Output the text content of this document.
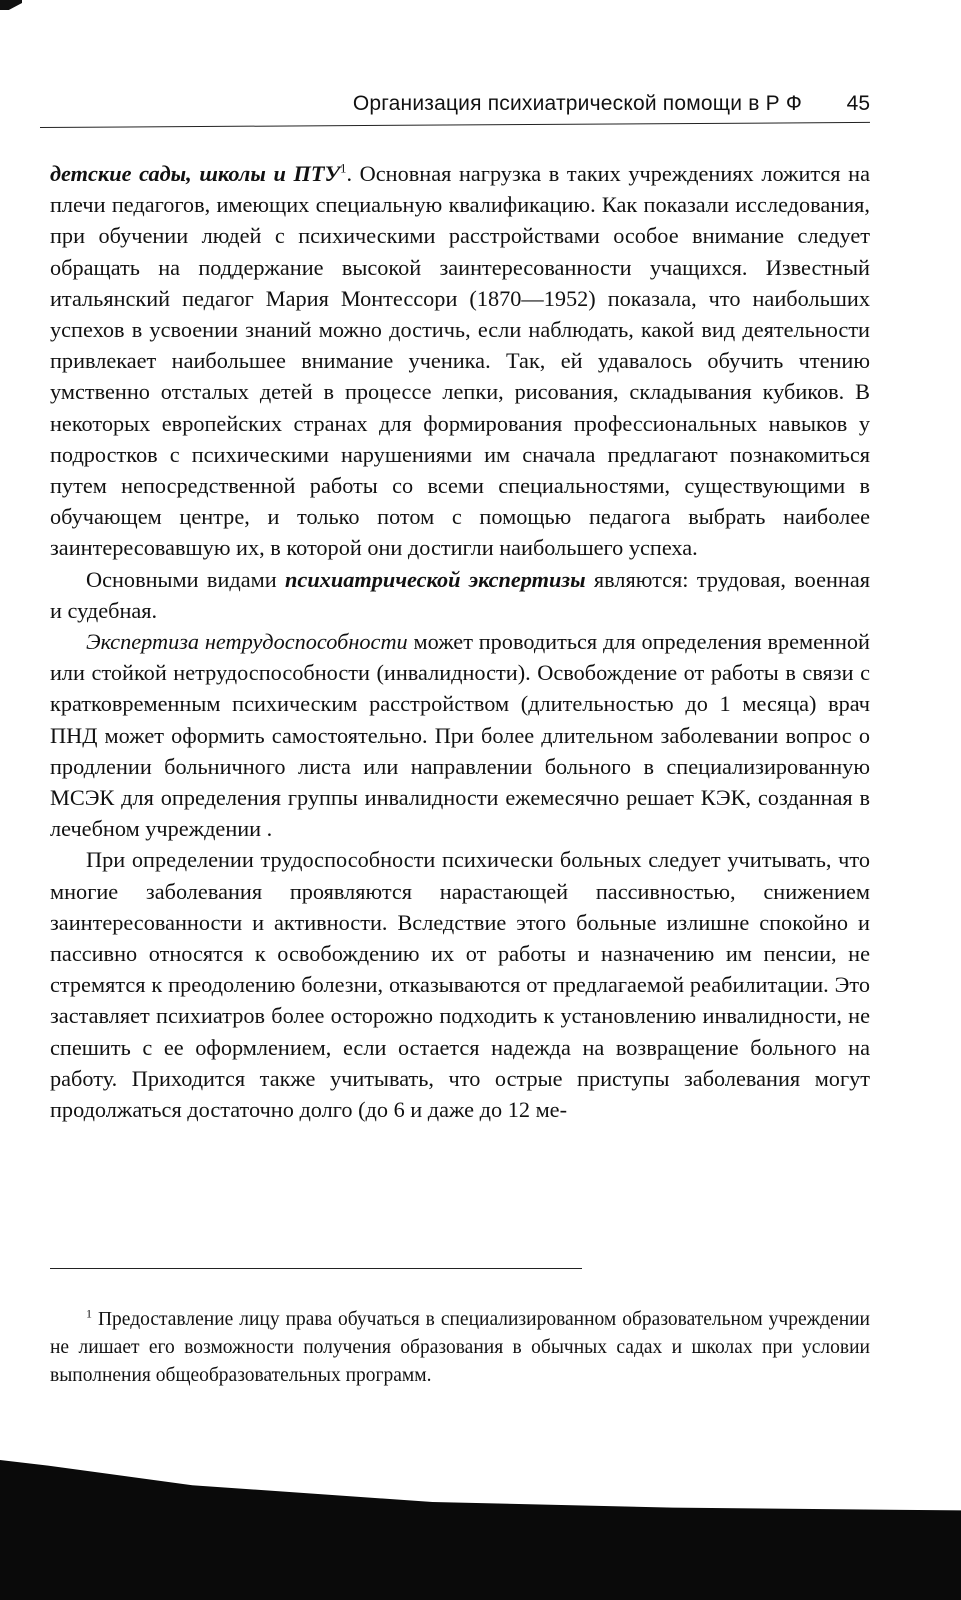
Организация психиатрической помощи в Р Ф 45

детские сады, школы и ПТУ$^1$. Основная нагрузка в таких учреждениях ложится на плечи педагогов, имеющих специальную квалификацию. Как показали исследования, при обучении людей с психическими расстройствами особое внимание следует обращать на поддержание высокой заинтересованности учащихся. Известный итальянский педагог Мария Монтессори (1870—1952) показала, что наибольших успехов в усвоении знаний можно достичь, если наблюдать, какой вид деятельности привлекает наибольшее внимание ученика. Так, ей удавалось обучить чтению умственно отсталых детей в процессе лепки, рисования, складывания кубиков. В некоторых европейских странах для формирования профессиональных навыков у подростков с психическими нарушениями им сначала предлагают познакомиться путем непосредственной работы со всеми специальностями, существующими в обучающем центре, и только потом с помощью педагога выбрать наиболее заинтересовавшую их, в которой они достигли наибольшего успеха.

Основными видами психиатрической экспертизы являются: трудовая, военная и судебная.

Экспертиза нетрудоспособности может проводиться для определения временной или стойкой нетрудоспособности (инвалидности). Освобождение от работы в связи с кратковременным психическим расстройством (длительностью до 1 месяца) врач ПНД может оформить самостоятельно. При более длительном заболевании вопрос о продлении больничного листа или направлении больного в специализированную МСЭК для определения группы инвалидности ежемесячно решает КЭК, созданная в лечебном учреждении .

При определении трудоспособности психически больных следует учитывать, что многие заболевания проявляются нарастающей пассивностью, снижением заинтересованности и активности. Вследствие этого больные излишне спокойно и пассивно относятся к освобождению их от работы и назначению им пенсии, не стремятся к преодолению болезни, отказываются от предлагаемой реабилитации. Это заставляет психиатров более осторожно подходить к установлению инвалидности, не спешить с ее оформлением, если остается надежда на возвращение больного на работу. Приходится также учитывать, что острые приступы заболевания могут продолжаться достаточно долго (до 6 и даже до 12 ме-

$^1$ Предоставление лицу права обучаться в специализированном образовательном учреждении не лишает его возможности получения образования в обычных садах и школах при условии выполнения общеобразовательных программ.
